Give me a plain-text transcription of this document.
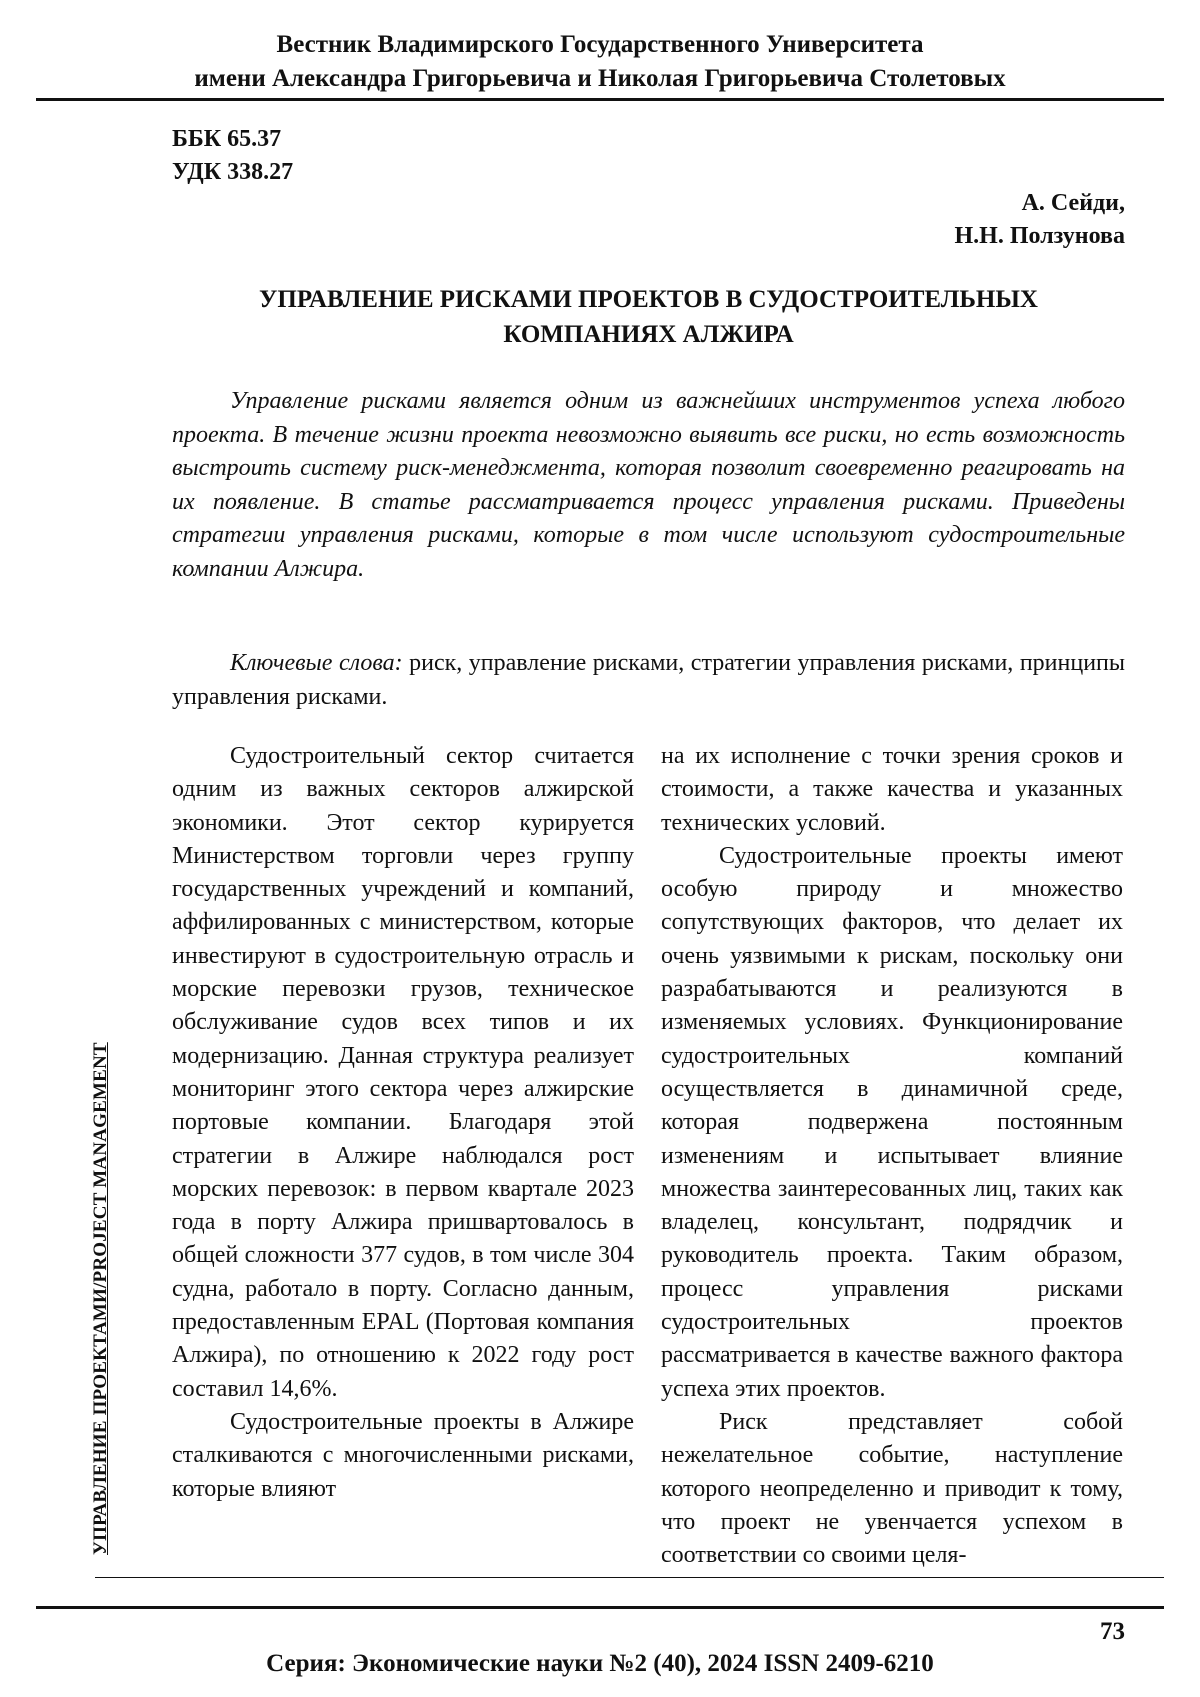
Вестник Владимирского Государственного Университета
имени Александра Григорьевича и Николая Григорьевича Столетовых
ББК 65.37
УДК 338.27
А. Сейди,
Н.Н. Ползунова
УПРАВЛЕНИЕ РИСКАМИ ПРОЕКТОВ В СУДОСТРОИТЕЛЬНЫХ
КОМПАНИЯХ АЛЖИРА

Управление рисками является одним из важнейших инструментов успеха любого проекта. В течение жизни проекта невозможно выявить все риски, но есть возможность выстроить систему риск-менеджмента, которая позволит своевременно реагировать на их появление. В статье рассматривается процесс управления рисками. Приведены стратегии управления рисками, которые в том числе используют судостроительные компании Алжира.

Ключевые слова: риск, управление рисками, стратегии управления рисками, принципы управления рисками.

Судостроительный сектор считается одним из важных секторов алжирской экономики. Этот сектор курируется Министерством торговли через группу государственных учреждений и компаний, аффилированных с министерством, которые инвестируют в судостроительную отрасль и морские перевозки грузов, техническое обслуживание судов всех типов и их модернизацию. Данная структура реализует мониторинг этого сектора через алжирские портовые компании. Благодаря этой стратегии в Алжире наблюдался рост морских перевозок: в первом квартале 2023 года в порту Алжира пришвартовалось в общей сложности 377 судов, в том числе 304 судна, работало в порту. Согласно данным, предоставленным EPAL (Портовая компания Алжира), по отношению к 2022 году рост составил 14,6%.

Судостроительные проекты в Алжире сталкиваются с многочисленными рисками, которые влияют

на их исполнение с точки зрения сроков и стоимости, а также качества и указанных технических условий.

Судостроительные проекты имеют особую природу и множество сопутствующих факторов, что делает их очень уязвимыми к рискам, поскольку они разрабатываются и реализуются в изменяемых условиях. Функционирование судостроительных компаний осуществляется в динамичной среде, которая подвержена постоянным изменениям и испытывает влияние множества заинтересованных лиц, таких как владелец, консультант, подрядчик и руководитель проекта. Таким образом, процесс управления рисками судостроительных проектов рассматривается в качестве важного фактора успеха этих проектов.

Риск представляет собой нежелательное событие, наступление которого неопределенно и приводит к тому, что проект не увенчается успехом в соответствии со своими целя-

УПРАВЛЕНИЕ ПРОЕКТАМИ/PROJECT MANAGEMENT
73
Серия: Экономические науки №2 (40), 2024 ISSN 2409-6210
